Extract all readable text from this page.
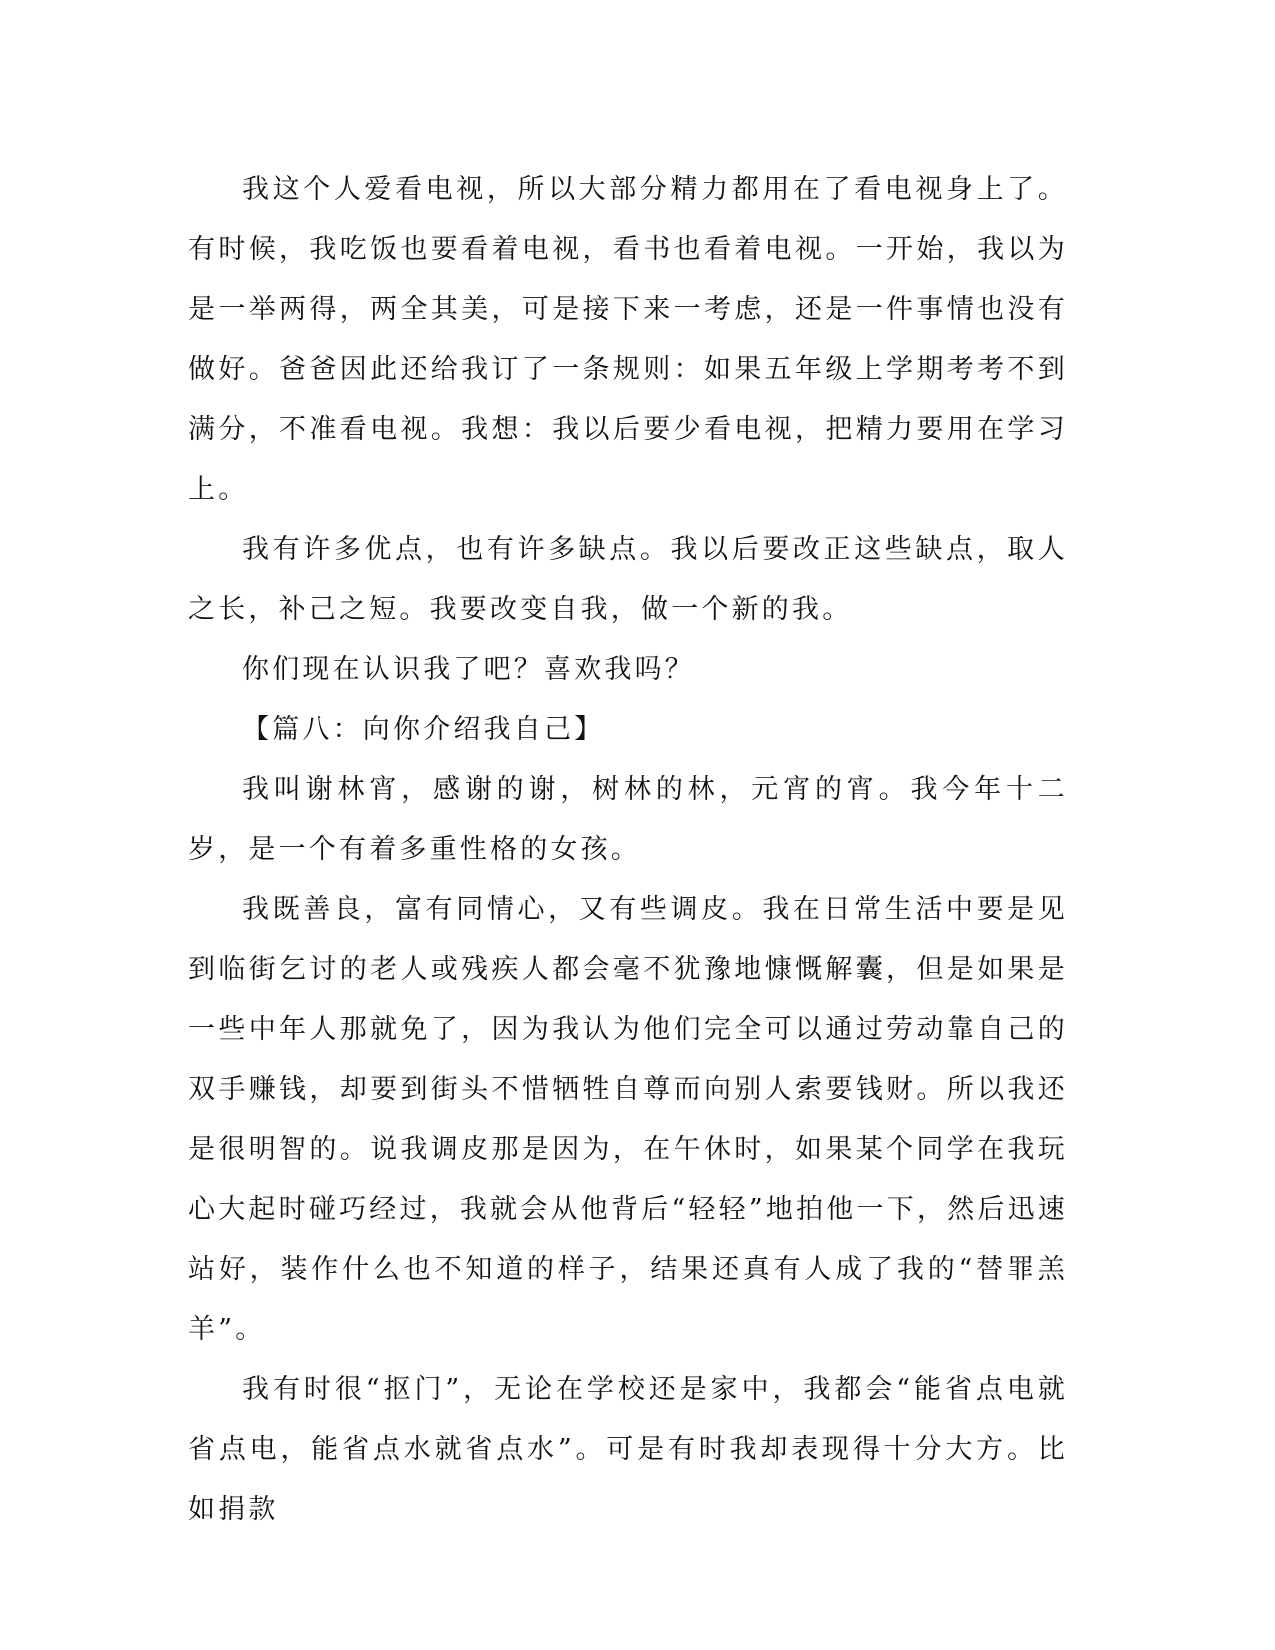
我这个人爱看电视，所以大部分精力都用在了看电视身上了。有时候，我吃饭也要看着电视，看书也看着电视。一开始，我以为是一举两得，两全其美，可是接下来一考虑，还是一件事情也没有做好。爸爸因此还给我订了一条规则：如果五年级上学期考考不到满分，不准看电视。我想：我以后要少看电视，把精力要用在学习上。

我有许多优点，也有许多缺点。我以后要改正这些缺点，取人之长，补己之短。我要改变自我，做一个新的我。

你们现在认识我了吧？喜欢我吗？

【篇八：向你介绍我自己】

我叫谢林宵，感谢的谢，树林的林，元宵的宵。我今年十二岁，是一个有着多重性格的女孩。

我既善良，富有同情心，又有些调皮。我在日常生活中要是见到临街乞讨的老人或残疾人都会毫不犹豫地慷慨解囊，但是如果是一些中年人那就免了，因为我认为他们完全可以通过劳动靠自己的双手赚钱，却要到街头不惜牺牲自尊而向别人索要钱财。所以我还是很明智的。说我调皮那是因为，在午休时，如果某个同学在我玩心大起时碰巧经过，我就会从他背后“轻轻”地拍他一下，然后迅速站好，装作什么也不知道的样子，结果还真有人成了我的“替罪羔羊”。

我有时很“抠门”，无论在学校还是家中，我都会“能省点电就省点电，能省点水就省点水”。可是有时我却表现得十分大方。比如捐款
